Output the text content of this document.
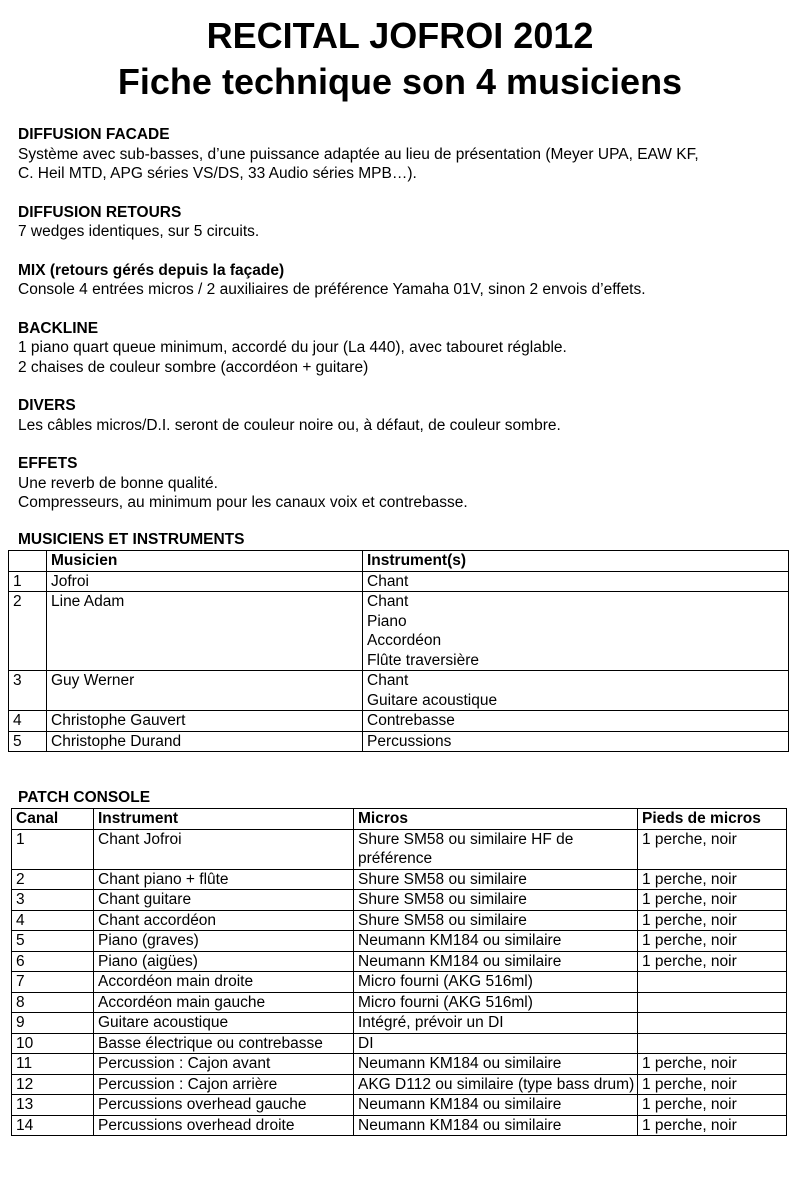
RECITAL JOFROI 2012
Fiche technique son 4 musiciens
DIFFUSION FACADE

Système avec sub-basses, d’une puissance adaptée au lieu de présentation (Meyer UPA, EAW KF,

C. Heil MTD, APG séries VS/DS, 33 Audio séries MPB…).

DIFFUSION RETOURS

7 wedges identiques, sur 5 circuits.

MIX (retours gérés depuis la façade)

Console 4 entrées micros / 2 auxiliaires de préférence Yamaha 01V, sinon 2 envois d’effets.

BACKLINE

1 piano quart queue minimum, accordé du jour (La 440), avec tabouret réglable.

2 chaises de couleur sombre (accordéon + guitare)

DIVERS

Les câbles micros/D.I. seront de couleur noire ou, à défaut, de couleur sombre.

EFFETS

Une reverb de bonne qualité.

Compresseurs, au minimum pour les canaux voix et contrebasse.

MUSICIENS ET INSTRUMENTS
	Musicien	Instrument(s)
1	Jofroi	Chant

2	Line Adam	Chant
Piano
Accordéon
Flûte traversière

3	Guy Werner	Chant
Guitare acoustique

4	Christophe Gauvert	Contrebasse

5	Christophe Durand	Percussions
PATCH CONSOLE
Canal	Instrument	Micros	Pieds de micros
1	Chant Jofroi	Shure SM58 ou similaire HF de préférence	1 perche, noir
2	Chant piano + flûte	Shure SM58 ou similaire	1 perche, noir
3	Chant guitare	Shure SM58 ou similaire	1 perche, noir
4	Chant accordéon	Shure SM58 ou similaire	1 perche, noir
5	Piano (graves)	Neumann KM184 ou similaire	1 perche, noir
6	Piano (aigües)	Neumann KM184 ou similaire	1 perche, noir
7	Accordéon main droite	Micro fourni (AKG 516ml)	
8	Accordéon main gauche	Micro fourni (AKG 516ml)	
9	Guitare acoustique	Intégré, prévoir un DI	
10	Basse électrique ou contrebasse	DI	
11	Percussion : Cajon avant	Neumann KM184 ou similaire	1 perche, noir
12	Percussion : Cajon arrière	AKG D112 ou similaire (type bass drum)	1 perche, noir
13	Percussions overhead gauche	Neumann KM184 ou similaire	1 perche, noir
14	Percussions overhead droite	Neumann KM184 ou similaire	1 perche, noir
